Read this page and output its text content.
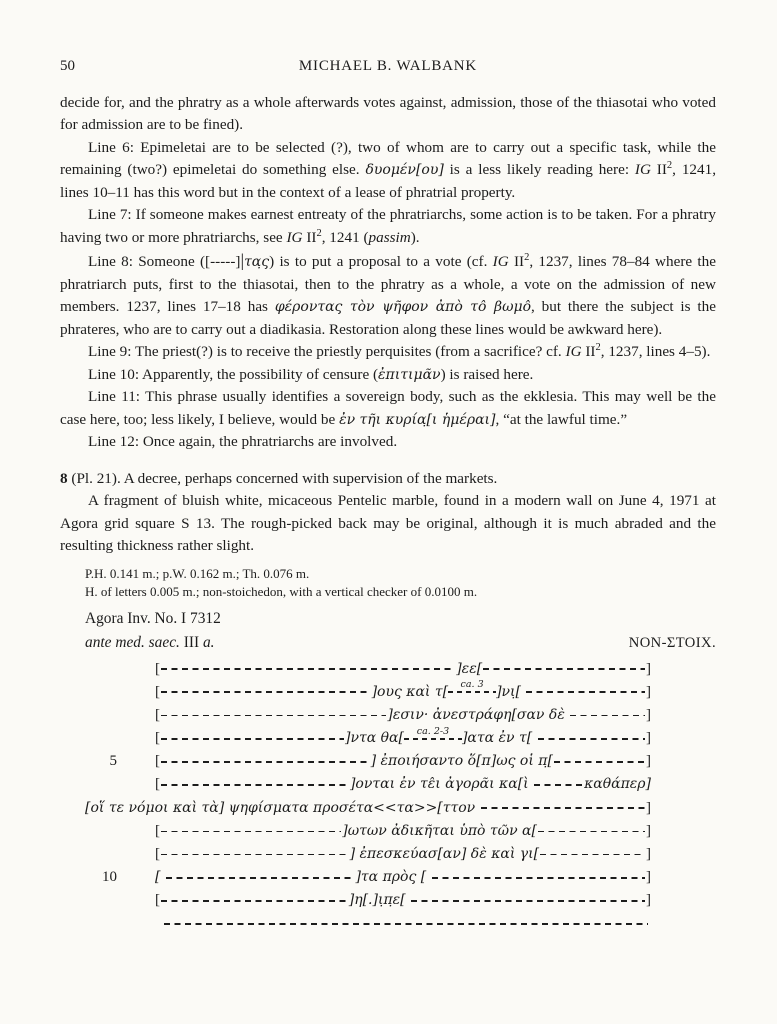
50	MICHAEL B. WALBANK

decide for, and the phratry as a whole afterwards votes against, admission, those of the thiasotai who voted for admission are to be fined).

Line 6: Epimeletai are to be selected (?), two of whom are to carry out a specific task, while the remaining (two?) epimeletai do something else. δυομέν[ου] is a less likely reading here: IG $II^2$, 1241, lines 10–11 has this word but in the context of a lease of phratrial property.

Line 7: If someone makes earnest entreaty of the phratriarchs, some action is to be taken. For a phratry having two or more phratriarchs, see IG $II^2$, 1241 (passim).

Line 8: Someone ([-----]|τα̣ς) is to put a proposal to a vote (cf. IG $II^2$, 1237, lines 78–84 where the phratriarch puts, first to the thiasotai, then to the phratry as a whole, a vote on the admission of new members. 1237, lines 17–18 has φέροντας τὸν ψῆφον ἀπὸ το̂ βωμο̂, but there the subject is the phrateres, who are to carry out a diadikasia. Restoration along these lines would be awkward here).

Line 9: The priest(?) is to receive the priestly perquisites (from a sacrifice? cf. IG $II^2$, 1237, lines 4–5).

Line 10: Apparently, the possibility of censure (ἐπιτιμᾶν) is raised here.

Line 11: This phrase usually identifies a sovereign body, such as the ekklesia. This may well be the case here, too; less likely, I believe, would be ἐν τῆι κυρία̣[ι ἡμέραι], “at the lawful time.”

Line 12: Once again, the phratriarchs are involved.

8 (Pl. 21). A decree, perhaps concerned with supervision of the markets.

A fragment of bluish white, micaceous Pentelic marble, found in a modern wall on June 4, 1971 at Agora grid square S 13. The rough-picked back may be original, although it is much abraded and the resulting thickness rather slight.

P.H. 0.141 m.; p.W. 0.162 m.; Th. 0.076 m.
H. of letters 0.005 m.; non-stoichedon, with a vertical checker of 0.0100 m.
Agora Inv. No. I 7312
ante med. saec. III a.	NON-ΣΤΟΙΧ.
[	]εε[	]
[	]ους καὶ τ[ ca. 3 ]νι̣[	]
[	]εσιν· ἀνεστράφη[σαν δὲ	]
[	]ντα θα[ ca. 2-3 ]ατα ἐν τ[	]
5	[	] ἐποιήσαντο ὅ[π]ως οἱ π̣[	]
[	]ονται ἐν τε̂ι ἀγορᾶι κα[ὶ	καθάπερ]
[οἵ τε νόμοι καὶ τὰ] ψηφίσματα προσέτα<<τα>>[ττον	]
[	]ωτων ἀδικῆται ὑπὸ τῶν α[	]
[	] ἐπεσκεύασ[αν] δὲ καὶ γι[	]
10	[	]τα πρὸς [	]
[	]η[.]ι̣π̣ε[	]
